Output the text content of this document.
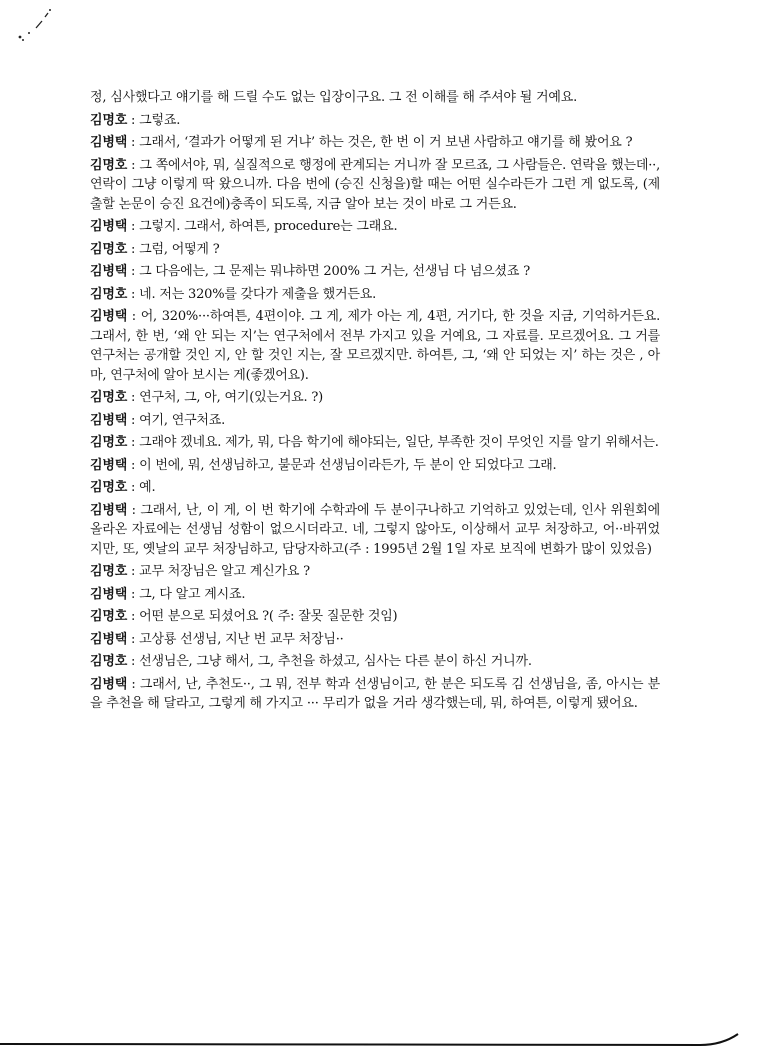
정, 심사했다고 얘기를 해 드릴 수도 없는 입장이구요. 그 전 이해를 해 주셔야 될 거예요.

김명호 : 그렇죠.

김병택 : 그래서, ‘결과가 어떻게 된 거냐’ 하는 것은, 한 번 이 거 보낸 사람하고 얘기를 해 봤어요 ?

김명호 : 그 쪽에서야, 뭐, 실질적으로 행정에 관계되는 거니까 잘 모르죠, 그 사람들은. 연락을 했는데··, 연락이 그냥 이렇게 딱 왔으니까. 다음 번에 (승진 신청을)할 때는 어떤 실수라든가 그런 게 없도록, (제출할 논문이 승진 요건에)충족이 되도록, 지금 알아 보는 것이 바로 그 거든요.

김병택 : 그렇지. 그래서, 하여튼, procedure는 그래요.

김명호 : 그럼, 어떻게 ?

김병택 : 그 다음에는, 그 문제는 뭐냐하면 200% 그 거는, 선생님 다 넘으셨죠 ?

김명호 : 네. 저는 320%를 갖다가 제출을 했거든요.

김병택 : 어, 320%···하여튼, 4편이야. 그 게, 제가 아는 게, 4편, 거기다, 한 것을 지금, 기억하거든요. 그래서, 한 번, ‘왜 안 되는 지’는 연구처에서 전부 가지고 있을 거예요, 그 자료를. 모르겠어요. 그 거를 연구처는 공개할 것인 지, 안 할 것인 지는, 잘 모르겠지만. 하여튼, 그, ‘왜 안 되었는 지’ 하는 것은 , 아마, 연구처에 알아 보시는 게(좋겠어요).

김명호 : 연구처, 그, 아, 여기(있는거요. ?)

김병택 : 여기, 연구처죠.

김명호 : 그래야 겠네요. 제가, 뭐, 다음 학기에 해야되는, 일단, 부족한 것이 무엇인 지를 알기 위해서는.

김병택 : 이 번에, 뭐, 선생님하고, 불문과 선생님이라든가, 두 분이 안 되었다고 그래.

김명호 : 예.

김병택 : 그래서, 난, 이 게, 이 번 학기에 수학과에 두 분이구나하고 기억하고 있었는데, 인사 위원회에 올라온 자료에는 선생님 성함이 없으시더라고. 네, 그렇지 않아도, 이상해서 교무 처장하고, 어··바뀌었지만, 또, 옛날의 교무 처장님하고, 담당자하고(주 : 1995년 2월 1일 자로 보직에 변화가 많이 있었음)

김명호 : 교무 처장님은 알고 계신가요 ?

김병택 : 그, 다 알고 계시죠.

김명호 : 어떤 분으로 되셨어요 ?( 주: 잘못 질문한 것임)

김병택 : 고상룡 선생님, 지난 번 교무 처장님··

김명호 : 선생님은, 그냥 해서, 그, 추천을 하셨고, 심사는 다른 분이 하신 거니까.

김병택 : 그래서, 난, 추천도··, 그 뭐, 전부 학과 선생님이고, 한 분은 되도록 김 선생님을, 좀, 아시는 분을 추천을 해 달라고, 그렇게 해 가지고 ··· 무리가 없을 거라 생각했는데, 뭐, 하여튼, 이렇게 됐어요.
